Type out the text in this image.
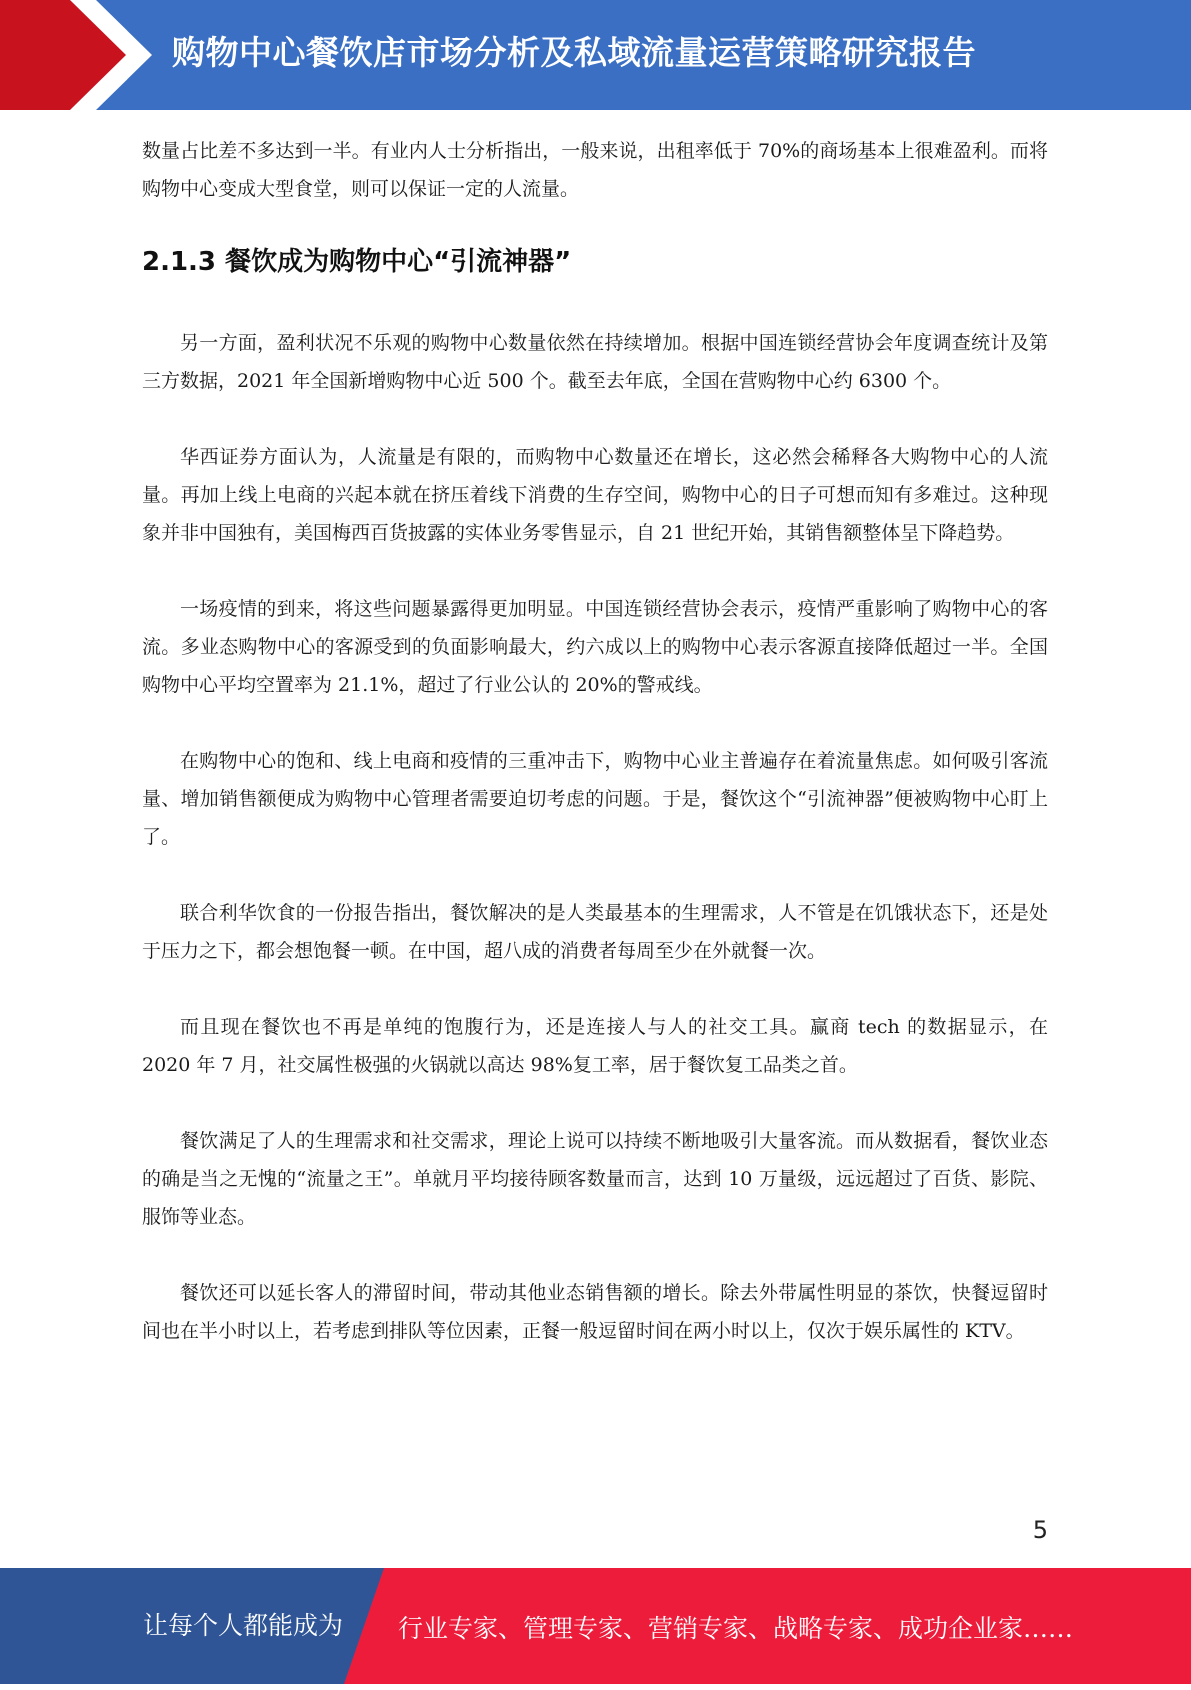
购物中心餐饮店市场分析及私域流量运营策略研究报告

数量占比差不多达到一半。有业内人士分析指出，一般来说，出租率低于 70%的商场基本上很难盈利。而将购物中心变成大型食堂，则可以保证一定的人流量。

2.1.3 餐饮成为购物中心“引流神器”

另一方面，盈利状况不乐观的购物中心数量依然在持续增加。根据中国连锁经营协会年度调查统计及第三方数据，2021 年全国新增购物中心近 500 个。截至去年底，全国在营购物中心约 6300 个。

华西证券方面认为，人流量是有限的，而购物中心数量还在增长，这必然会稀释各大购物中心的人流量。再加上线上电商的兴起本就在挤压着线下消费的生存空间，购物中心的日子可想而知有多难过。这种现象并非中国独有，美国梅西百货披露的实体业务零售显示，自 21 世纪开始，其销售额整体呈下降趋势。

一场疫情的到来，将这些问题暴露得更加明显。中国连锁经营协会表示，疫情严重影响了购物中心的客流。多业态购物中心的客源受到的负面影响最大，约六成以上的购物中心表示客源直接降低超过一半。全国购物中心平均空置率为 21.1%，超过了行业公认的 20%的警戒线。

在购物中心的饱和、线上电商和疫情的三重冲击下，购物中心业主普遍存在着流量焦虑。如何吸引客流量、增加销售额便成为购物中心管理者需要迫切考虑的问题。于是，餐饮这个“引流神器”便被购物中心盯上了。

联合利华饮食的一份报告指出，餐饮解决的是人类最基本的生理需求，人不管是在饥饿状态下，还是处于压力之下，都会想饱餐一顿。在中国，超八成的消费者每周至少在外就餐一次。

而且现在餐饮也不再是单纯的饱腹行为，还是连接人与人的社交工具。赢商 tech 的数据显示，在 2020 年 7 月，社交属性极强的火锅就以高达 98%复工率，居于餐饮复工品类之首。

餐饮满足了人的生理需求和社交需求，理论上说可以持续不断地吸引大量客流。而从数据看，餐饮业态的确是当之无愧的“流量之王”。单就月平均接待顾客数量而言，达到 10 万量级，远远超过了百货、影院、服饰等业态。

餐饮还可以延长客人的滞留时间，带动其他业态销售额的增长。除去外带属性明显的茶饮，快餐逗留时间也在半小时以上，若考虑到排队等位因素，正餐一般逗留时间在两小时以上，仅次于娱乐属性的 KTV。

5
让每个人都能成为 行业专家、管理专家、营销专家、战略专家、成功企业家……
